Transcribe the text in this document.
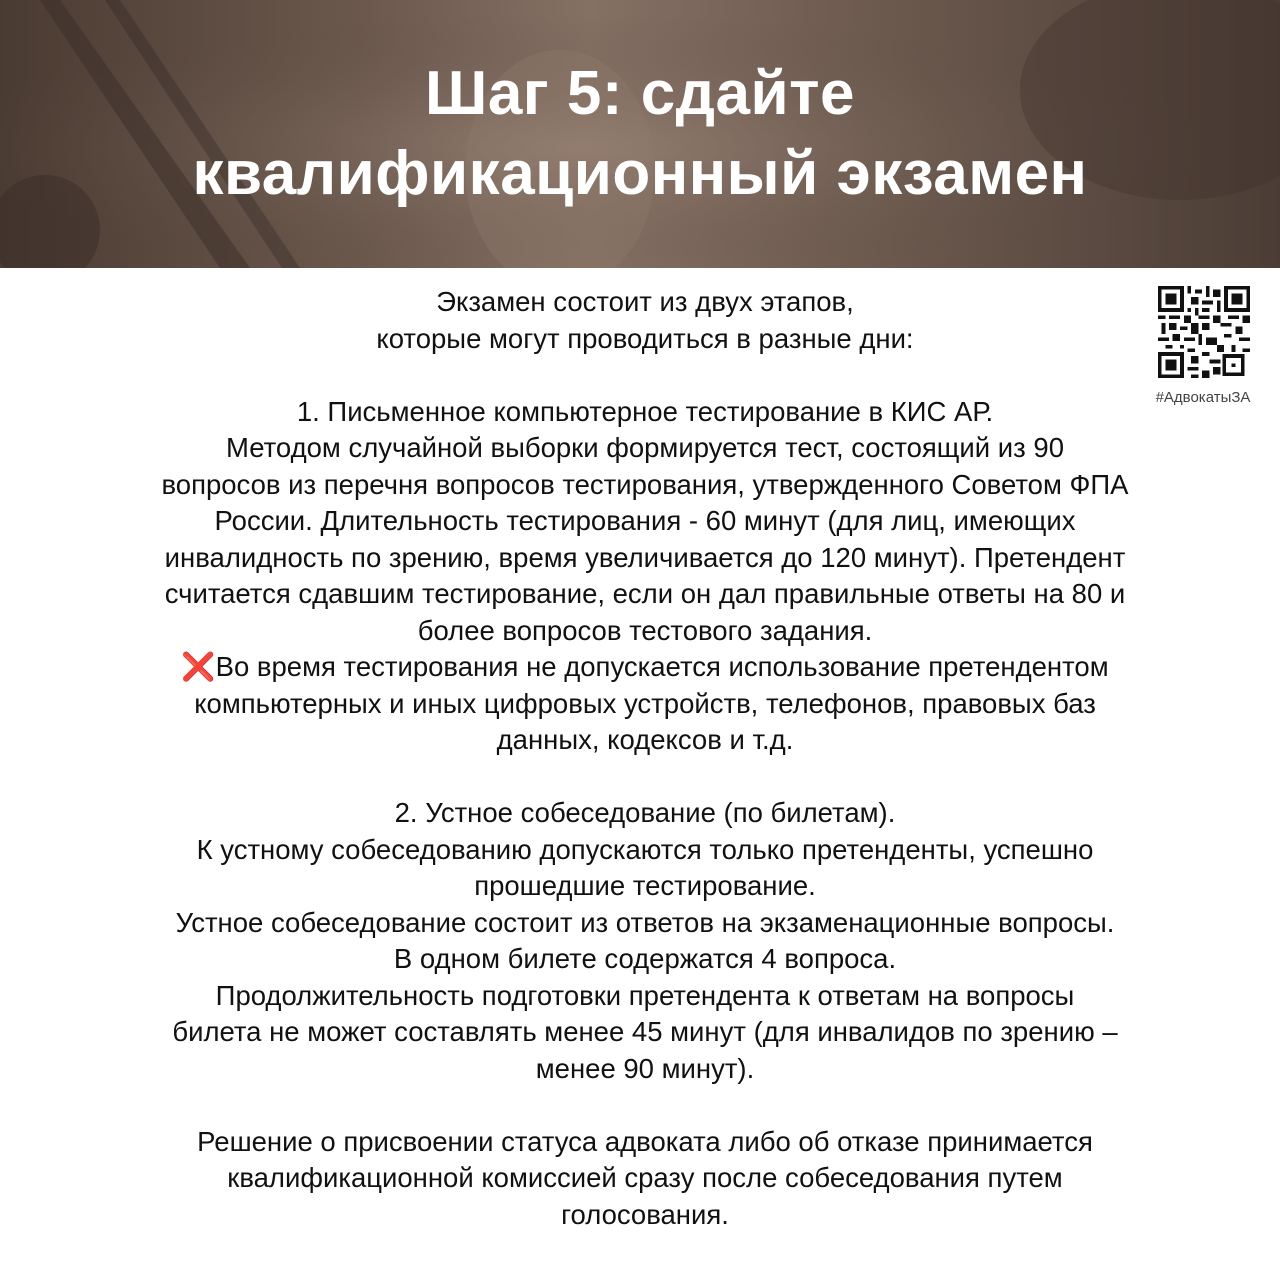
Шаг 5: сдайте
квалификационный экзамен
#АдвокатыЗА
Экзамен состоит из двух этапов,
которые могут проводиться в разные дни:
1. Письменное компьютерное тестирование в КИС АР.
Методом случайной выборки формируется тест, состоящий из 90
вопросов из перечня вопросов тестирования, утвержденного Советом ФПА
России. Длительность тестирования - 60 минут (для лиц, имеющих
инвалидность по зрению, время увеличивается до 120 минут). Претендент
считается сдавшим тестирование, если он дал правильные ответы на 80 и
более вопросов тестового задания.
❌Во время тестирования не допускается использование претендентом
компьютерных и иных цифровых устройств, телефонов, правовых баз
данных, кодексов и т.д.
2. Устное собеседование (по билетам).
К устному собеседованию допускаются только претенденты, успешно
прошедшие тестирование.
Устное собеседование состоит из ответов на экзаменационные вопросы.
В одном билете содержатся 4 вопроса.
Продолжительность подготовки претендента к ответам на вопросы
билета не может составлять менее 45 минут (для инвалидов по зрению –
менее 90 минут).
Решение о присвоении статуса адвоката либо об отказе принимается
квалификационной комиссией сразу после собеседования путем
голосования.
